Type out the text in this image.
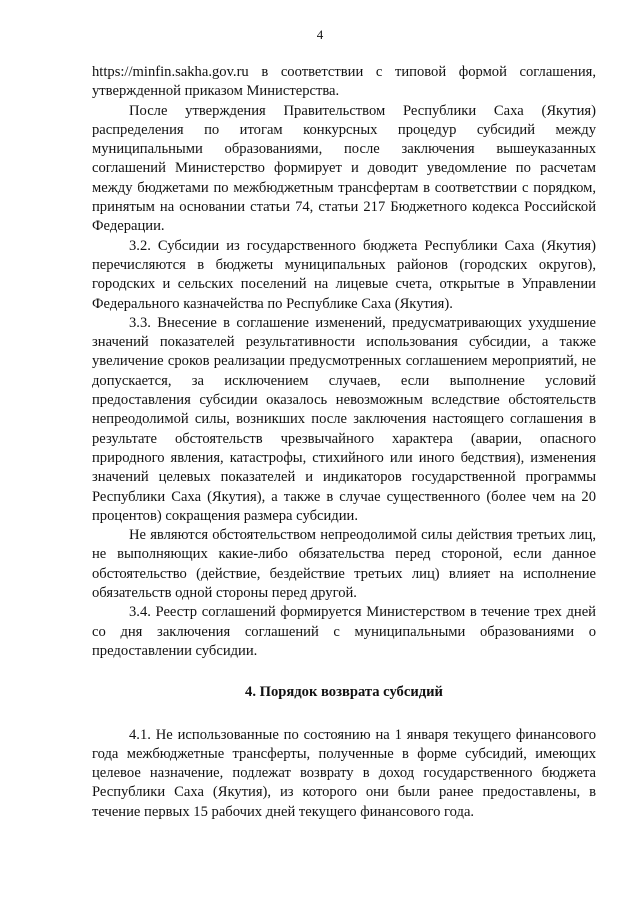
4

https://minfin.sakha.gov.ru в соответствии с типовой формой соглашения, утвержденной приказом Министерства.

После утверждения Правительством Республики Саха (Якутия) распределения по итогам конкурсных процедур субсидий между муниципальными образованиями, после заключения вышеуказанных соглашений Министерство формирует и доводит уведомление по расчетам между бюджетами по межбюджетным трансфертам в соответствии с порядком, принятым на основании статьи 74, статьи 217 Бюджетного кодекса Российской Федерации.

3.2. Субсидии из государственного бюджета Республики Саха (Якутия) перечисляются в бюджеты муниципальных районов (городских округов), городских и сельских поселений на лицевые счета, открытые в Управлении Федерального казначейства по Республике Саха (Якутия).

3.3. Внесение в соглашение изменений, предусматривающих ухудшение значений показателей результативности использования субсидии, а также увеличение сроков реализации предусмотренных соглашением мероприятий, не допускается, за исключением случаев, если выполнение условий предоставления субсидии оказалось невозможным вследствие обстоятельств непреодолимой силы, возникших после заключения настоящего соглашения в результате обстоятельств чрезвычайного характера (аварии, опасного природного явления, катастрофы, стихийного или иного бедствия), изменения значений целевых показателей и индикаторов государственной программы Республики Саха (Якутия), а также в случае существенного (более чем на 20 процентов) сокращения размера субсидии.

Не являются обстоятельством непреодолимой силы действия третьих лиц, не выполняющих какие-либо обязательства перед стороной, если данное обстоятельство (действие, бездействие третьих лиц) влияет на исполнение обязательств одной стороны перед другой.

3.4. Реестр соглашений формируется Министерством в течение трех дней со дня заключения соглашений с муниципальными образованиями о предоставлении субсидии.

4. Порядок возврата субсидий

4.1. Не использованные по состоянию на 1 января текущего финансового года межбюджетные трансферты, полученные в форме субсидий, имеющих целевое назначение, подлежат возврату в доход государственного бюджета Республики Саха (Якутия), из которого они были ранее предоставлены, в течение первых 15 рабочих дней текущего финансового года.
